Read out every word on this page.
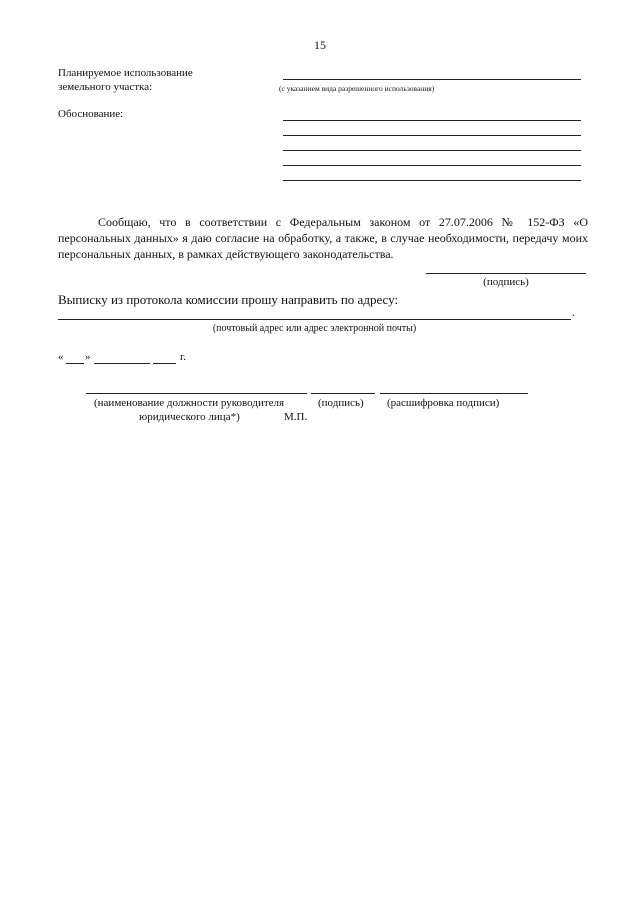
15
Планируемое использование
земельного участка:	(с указанием вида разрешенного использования)
Обоснование:
Сообщаю, что в соответствии с Федеральным законом от 27.07.2006 № 152-ФЗ «О персональных данных» я даю согласие на обработку, а также, в случае необходимости, передачу моих персональных данных, в рамках действующего законодательства.
(подпись)
Выписку из протокола комиссии прошу направить по адресу:
.
(почтовый адрес или адрес электронной почты)
« »	г.
(наименование должности руководителя	(подпись) (расшифровка подписи)
юридического лица*)	М.П.
